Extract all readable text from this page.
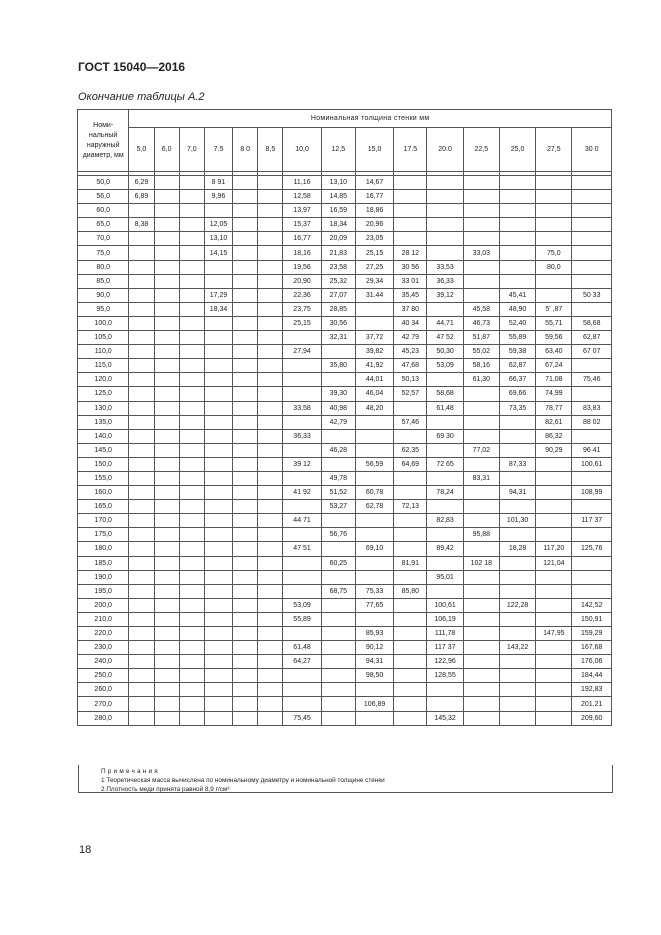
ГОСТ 15040—2016
Окончание таблицы А.2
Номи-нальный наружный диаметр, мм	Номинальная толщина стенки мм														
	5,0	6,0	7,0	7.5	8 0	8,5	10,0	12,5	15,0	17.5	20.0	22,5	25,0	27,5	30 0

50,0	6,29			8 91			11,16	13,10	14,67						
56,0	6,89			9,96			12,58	14,85	16,77						
60,0							13,97	16,59	18,86						
65,0	8,38			12,05			15,37	18,34	20,96						
70,0				13,10			16,77	20,09	23,05						
75,0				14,15			18,16	21,83	25,15	28 12		33,03		75,0	
80,0							19,56	23,58	27,25	30 56	33,53			80,0	
85,0							20,90	25,32	29,34	33 01	36,33				
90,0				17,29			22,36	27,07	31.44	35,45	39,12		45,41		50 33
95,0				18,34			23,75	28,85		37 80		45,58	48,90	5' ,87	
100,0							25,15	30,56		40 34	44,71	46,73	52,40	55,71	58,68
105,0								32,31	37,72	42 79	47 52	51,87	55,89	59,56	62,87
110,0							27,94		39,82	45,23	50,30	55,02	59,38	63,40	67 07
115,0								35,80	41,92	47,68	53,09	58,16	62,87	67,24	
120,0									44,01	50,13		61,30	66,37	71,08	75,46
125,0								39,30	46,04	52,57	58,68		69,66	74,99	
130,0							33,58	40,98	48,20		61,48		73,35	78,77	83,83
135,0								42,79		57,46				82,61	88 02
140,0							36,33				69 30			86,32	
145,0								46,28		62,35		77,02		90,29	96 41
150,0							39 12		56,59	64,69	72 65		87,33		100,61
155,0								49,78				83,31			
160,0							41 92	51,52	60,78		78,24		94,31		108,99
165,0								53,27	62,78	72,13					
170,0							44 71				82,83		101,30		117 37
175,0								56,76				95,88			
180,0							47 51		69,10		89,42		18,28	117,20	125,76
185,0								60,25		81,91		102 18		121,04	
190,0											95,01				
195,0								68,75	75,33	85,80					
200,0							53,09		77,65		100,61		122,28		142,52
210,0							55,89				106,19				150,91
220,0									85,93		111,78			147,95	159,29
230,0							61,48		90,12		117 37		143,22		167,68
240,0							64,27		94,31		122,96				176,06
250,0									98,50		128,55				184,44
260,0															192,83
270,0									106,89						201,21
280,0							75,45				145,32				209,60
Примечания
1 Теоретическая масса вычислена по номинальному диаметру и номинальной толщине стенки
2 Плотность меди принята равной 8,9 г/см³
18
